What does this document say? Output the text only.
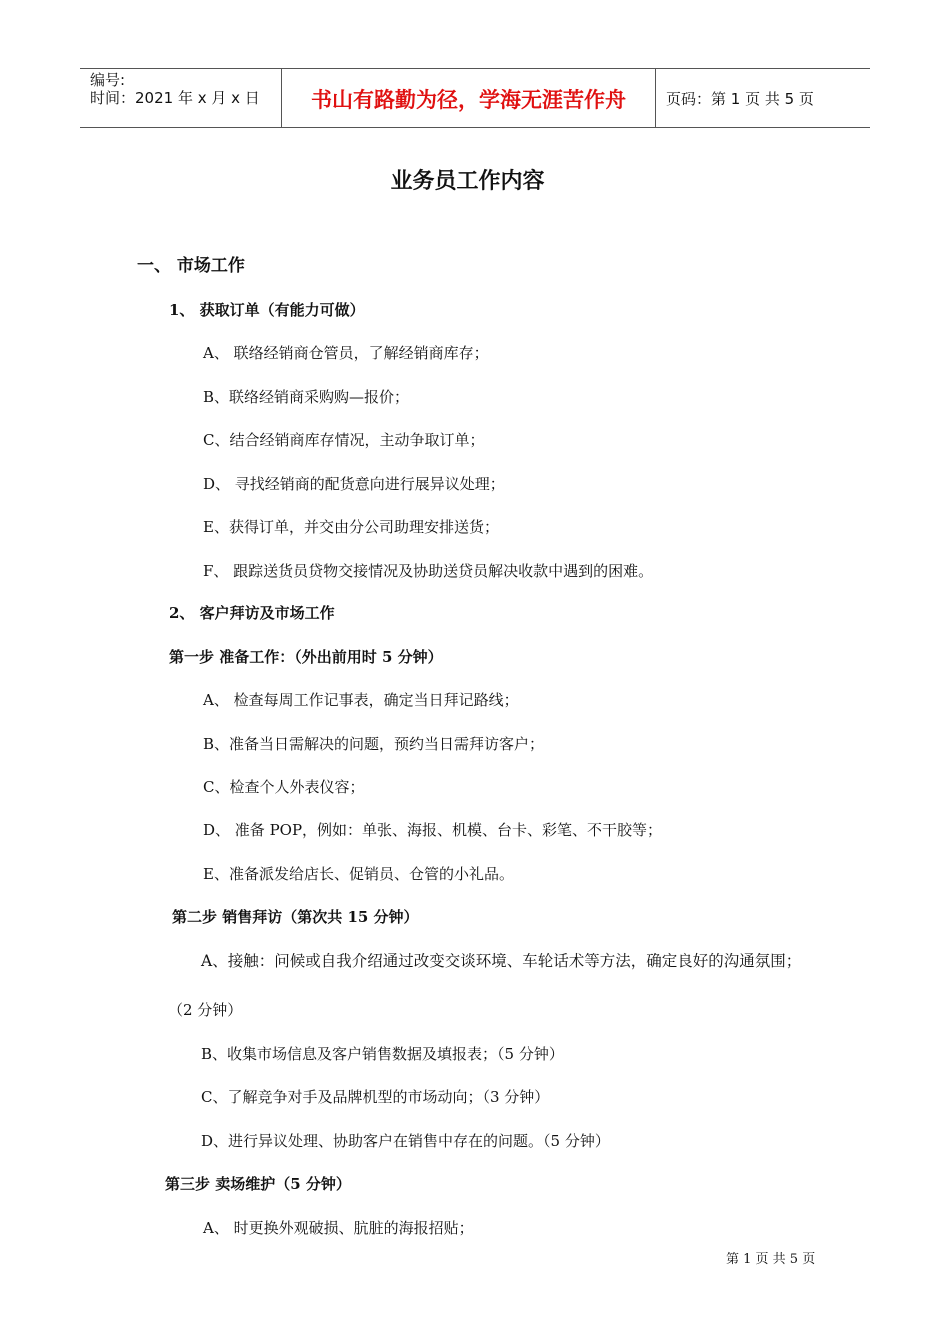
编号:
时间：2021 年 x 月 x 日	书山有路勤为径，学海无涯苦作舟	页码：第 1 页 共 5 页
业务员工作内容
一、 市场工作
1、 获取订单（有能力可做）
A、 联络经销商仓管员，了解经销商库存；
B、联络经销商采购购—报价；
C、结合经销商库存情况，主动争取订单；
D、 寻找经销商的配货意向进行展异议处理；
E、获得订单，并交由分公司助理安排送货；
F、 跟踪送货员贷物交接情况及协助送贷员解决收款中遇到的困难。
2、 客户拜访及市场工作
第一步 准备工作：（外出前用时 5 分钟）
A、 检查每周工作记事表，确定当日拜记路线；
B、准备当日需解决的问题，预约当日需拜访客户；
C、检查个人外表仪容；
D、 准备 POP，例如：单张、海报、机模、台卡、彩笔、不干胶等；
E、准备派发给店长、促销员、仓管的小礼品。
第二步 销售拜访（第次共 15 分钟）
A、接触：问候或自我介绍通过改变交谈环境、车轮话术等方法，确定良好的沟通氛围；
（2 分钟）
B、收集市场信息及客户销售数据及填报表；（5 分钟）
C、了解竞争对手及品牌机型的市场动向；（3 分钟）
D、进行异议处理、协助客户在销售中存在的问题。（5 分钟）
第三步 卖场维护（5 分钟）
A、 时更换外观破损、肮脏的海报招贴；
第 1 页 共 5 页
